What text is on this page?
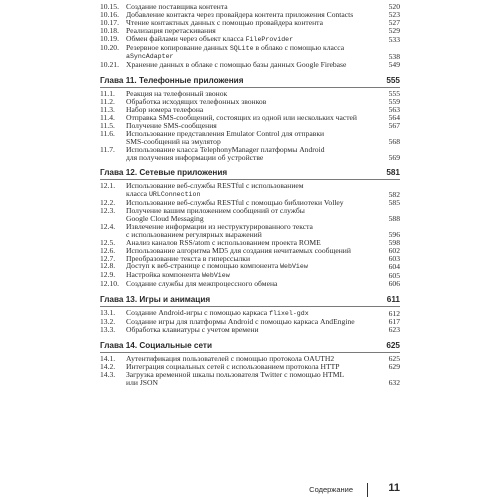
10.15. Создание поставщика контента	520
10.16. Добавление контакта через провайдера контента приложения Contacts	523
10.17. Чтение контактных данных с помощью провайдера контента	527
10.18. Реализация перетаскивания	529
10.19. Обмен файлами через объект класса FileProvider	533
10.20. Резервное копирование данных SQLite в облако с помощью класса
aSyncAdapter	538
10.21. Хранение данных в облаке с помощью базы данных Google Firebase	549
Глава 11. Телефонные приложения	555
11.1.	Реакция на телефонный звонок	555
11.2.	Обработка исходящих телефонных звонков	559
11.3.	Набор номера телефона	563
11.4.	Отправка SMS-сообщений, состоящих из одной или нескольких частей	564
11.5.	Получение SMS-сообщения	567
11.6.	Использование представления Emulator Control для отправки
SMS-сообщений на эмулятор	568
11.7.	Использование класса TelephonyManager платформы Android
для получения информации об устройстве	569
Глава 12. Сетевые приложения	581
12.1.	Использование веб-службы RESTful с использованием
класса URLConnection	582
12.2.	Использование веб-службы RESTful с помощью библиотеки Volley	585
12.3.	Получение вашим приложением сообщений от службы
Google Cloud Messaging	588
12.4.	Извлечение информации из неструктурированного текста
с использованием регулярных выражений	596
12.5.	Анализ каналов RSS/atom с использованием проекта ROME	598
12.6.	Использование алгоритма MD5 для создания нечитаемых сообщений	602
12.7.	Преобразование текста в гиперссылки	603
12.8.	Доступ к веб-странице с помощью компонента WebView	604
12.9.	Настройка компонента WebView	605
12.10. Создание службы для межпроцессного обмена	606
Глава 13. Игры и анимация	611
13.1.	Создание Android-игры с помощью каркаса flixel-gdx	612
13.2.	Создание игры для платформы Android с помощью каркаса AndEngine	617
13.3.	Обработка клавиатуры с учетом времени	623
Глава 14. Социальные сети	625
14.1.	Аутентификация пользователей с помощью протокола OAUTH2	625
14.2.	Интеграция социальных сетей с использованием протокола HTTP	629
14.3.	Загрузка временной шкалы пользователя Twitter с помощью HTML
или JSON	632
Содержание	11
